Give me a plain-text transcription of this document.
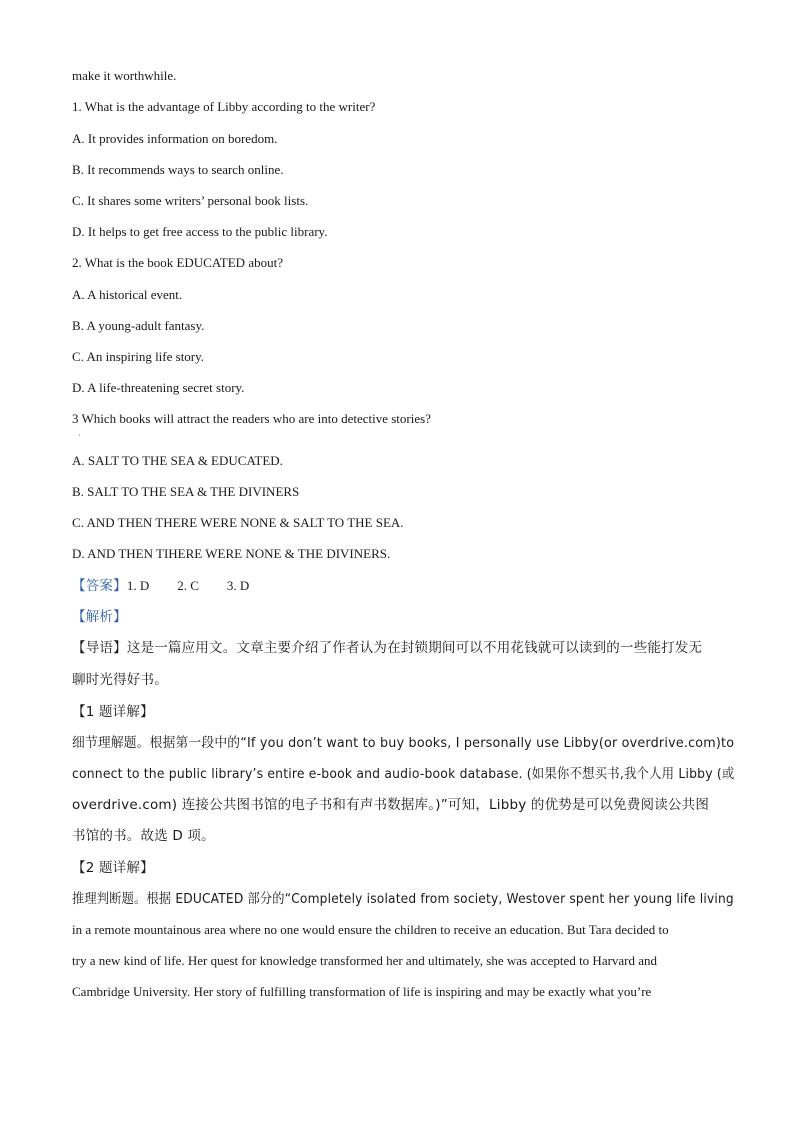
make it worthwhile.
1. What is the advantage of Libby according to the writer?
A. It provides information on boredom.
B. It recommends ways to search online.
C. It shares some writers’ personal book lists.
D. It helps to get free access to the public library.
2. What is the book EDUCATED about?
A. A historical event.
B. A young-adult fantasy.
C. An inspiring life story.
D. A life-threatening secret story.
3 Which books will attract the readers who are into detective stories?
·
A. SALT TO THE SEA & EDUCATED.
B. SALT TO THE SEA & THE DIVINERS
C. AND THEN THERE WERE NONE & SALT TO THE SEA.
D. AND THEN TIHERE WERE NONE & THE DIVINERS.
【答案】1. D 2. C 3. D
【解析】
【导语】这是一篇应用文。文章主要介绍了作者认为在封锁期间可以不用花钱就可以读到的一些能打发无
聊时光得好书。
【1 题详解】
细节理解题。根据第一段中的“If you don’t want to buy books, I personally use Libby(or overdrive.com)to
connect to the public library’s entire e-book and audio-book database. (如果你不想买书,我个人用 Libby (或
overdrive.com) 连接公共图书馆的电子书和有声书数据库。)”可知，Libby 的优势是可以免费阅读公共图
书馆的书。故选 D 项。
【2 题详解】
推理判断题。根据 EDUCATED 部分的“Completely isolated from society, Westover spent her young life living
in a remote mountainous area where no one would ensure the children to receive an education. But Tara decided to
try a new kind of life. Her quest for knowledge transformed her and ultimately, she was accepted to Harvard and
Cambridge University. Her story of fulfilling transformation of life is inspiring and may be exactly what you’re
